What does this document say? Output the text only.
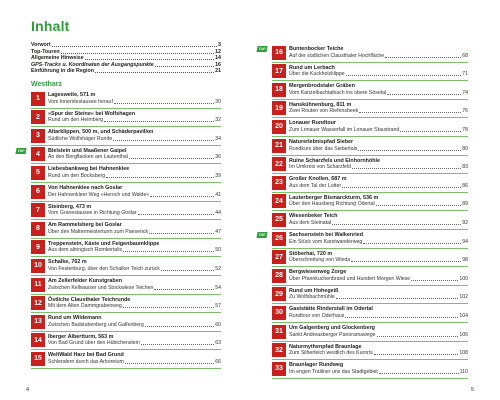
Inhalt
Vorwort	3
Top-Touren	12
Allgemeine Hinweise	14
GPS-Tracks u. Koordinaten der Ausgangspunkte	16
Einführung in die Region	21
Westharz
1
Lagesweite, 571 m
Vom Innerstestausee herauf	30
2
»Spur der Steine« bei Wolfshagen
Rund um den Heimberg	32
3
Altarklippen, 500 m, und Schäderpavillon
Südliche Wolfshäger Runde	34
TOP
4
Bielstein und Maaßener Gaipel
An den Bergflanken am Lautenthal	36
5
Liebesbankweg bei Hahnenklee
Rund um den Bocksberg	39
6
Von Hahnenklee nach Goslar
Der Hahnenkleer Weg »Heroch und Walde«	41
7
Steinberg, 473 m
Vom Granestausee in Richtung Goslar	44
8
Am Rammelsberg bei Goslar
Über den Maltermeisterturm zum Paesenck	47
9
Treppenstein, Käste und Feigenbaumklippe
Aus dem altringisch Romkertalis	50
10
Schalke, 762 m
Von Festenburg, über den Schalker Teich zurück	52
11
Am Zellerfelder Kunstgraben
Zwischen Kellwasser und Stockwiese Teichen	54
12
Östliche Clausthaler Teichrunde
Mit dem Alten Dammgrabenweg	57
13
Rund um Wildemann
Zwischen Badstubenberg und Galfenberg	60
14
Iberger Albertturm, 563 m
Von Bad Grund über den Hübichenstein	63
15
WeltWald Harz bei Bad Grund
Schlendern durch das Arboretum	66
TOP
16
Buntenbocker Teiche
Auf der südlichen Clausthaler Hochfläche	68
17
Rund um Lerbach
Über die Kuckholzklippe	71
18
Mergenbrodstaler Gräben
Vom Kanzelbachtalbach ins obere Sösetal	74
19
Hanskühnenburg, 811 m
Zwei Routen von Riefensbeek	76
20
Lonauer Rundtour
Zum Lonauer Wasserfall im Lonauer Staustrand	78
21
Naturerlebnispfad Sieber
Rundkurs über das Siebertals	80
22
Ruine Scharzfels und Einhornhöhle
Im Umkreis von Scharzfeld	83
23
Großer Knollen, 687 m
Aus dem Tal der Lutter	86
24
Lauterberger Bismarckturm, 536 m
Über den Hausberg Richtung Odertal	89
25
Wiesenbeker Teich
Aus dem Steinatal	92
TOP
26
Sachsenstein bei Walkenried
Ein Stück vom Karstwanderweg	94
27
Stöberhai, 720 m
Überschreitung von Wieda	98
28
Bergwiesenweg Zorge
Über Pfannkuchenbrand und Hundert Morgen Wiese	100
29
Rund um Hohegeiß
Zu Wolfsbachmühle	102
30
Gaststätte Rinderstall im Odertal
Rundtour von Oderhaus	104
31
Um Galgenberg und Glockenberg
Sankt Andreasberger Panoramawege	106
32
Naturmythenpfad Braunlage
Zum Silberteich westlich des Kurorts	108
33
Braunlager Rundweg
Im engen Trailiner uns das Stadtgebiet	110
4	5
